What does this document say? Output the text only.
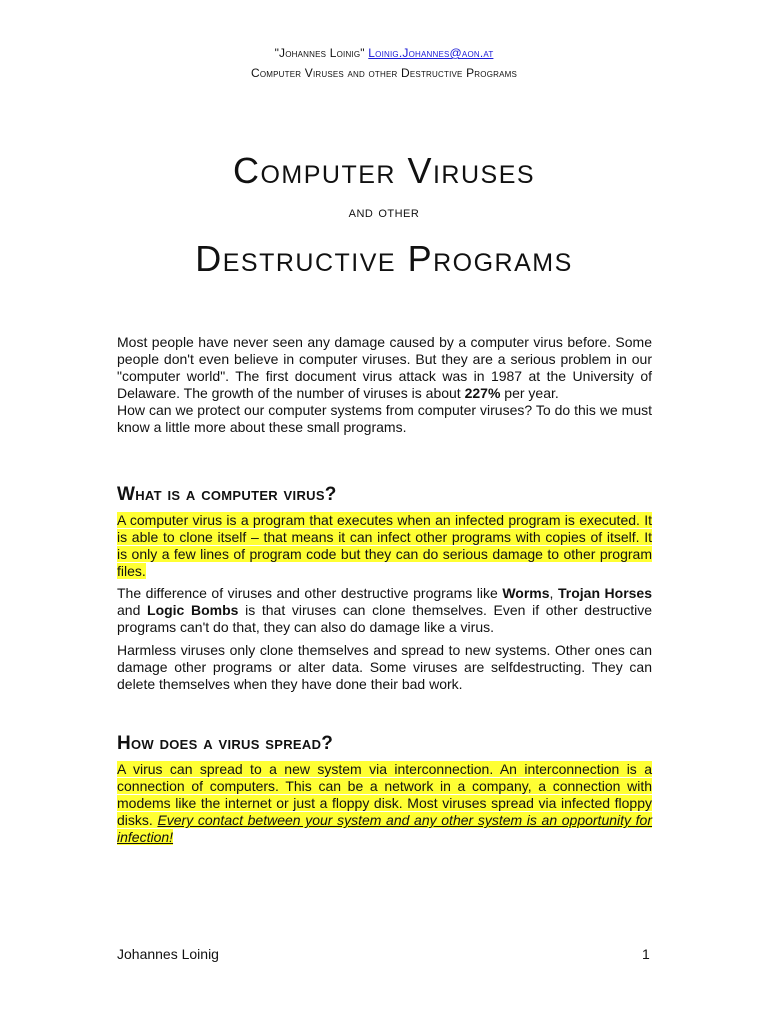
"Johannes Loinig" Loinig.Johannes@aon.at
Computer Viruses and other Destructive Programs
Computer Viruses
and other
Destructive Programs

Most people have never seen any damage caused by a computer virus before. Some people don't even believe in computer viruses. But they are a serious problem in our "computer world". The first document virus attack was in 1987 at the University of Delaware. The growth of the number of viruses is about 227% per year.

How can we protect our computer systems from computer viruses? To do this we must know a little more about these small programs.

What is a computer virus?
A computer virus is a program that executes when an infected program is executed. It is able to clone itself – that means it can infect other programs with copies of itself. It is only a few lines of program code but they can do serious damage to other program files.
The difference of viruses and other destructive programs like Worms, Trojan Horses and Logic Bombs is that viruses can clone themselves. Even if other destructive programs can't do that, they can also do damage like a virus.
Harmless viruses only clone themselves and spread to new systems. Other ones can damage other programs or alter data. Some viruses are selfdestructing. They can delete themselves when they have done their bad work.
How does a virus spread?
A virus can spread to a new system via interconnection. An interconnection is a connection of computers. This can be a network in a company, a connection with modems like the internet or just a floppy disk. Most viruses spread via infected floppy disks. Every contact between your system and any other system is an opportunity for infection!
Johannes Loinig	1
